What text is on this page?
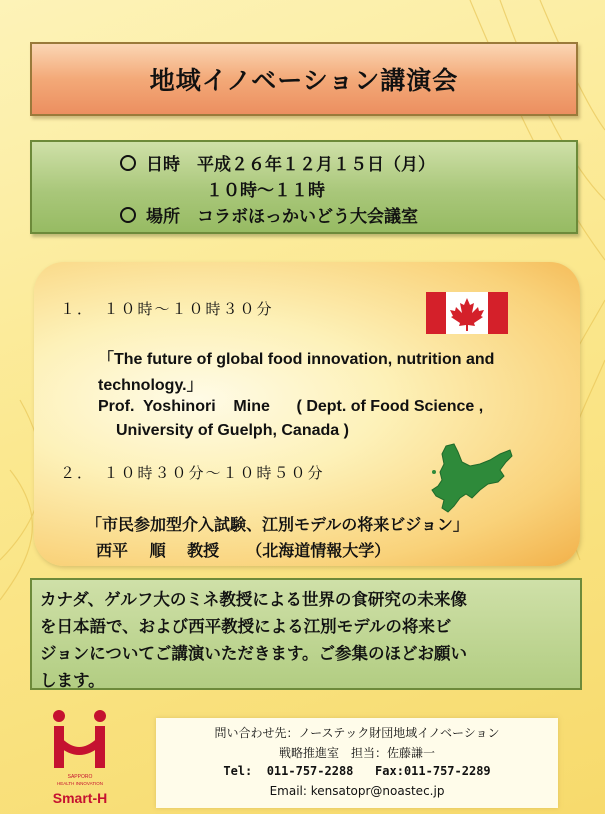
地域イノベーション講演会
日時　 平成２６年１２月１５日（月）
１０時～１１時
場所　 コラボほっかいどう大会議室
１．　 １０時～１０時３０分
「The future of global food innovation, nutrition and
technology.」
Prof.  Yoshinori    Mine      ( Dept. of Food Science ,
University of Guelph, Canada )
２．　 １０時３０分～１０時５０分
「市民参加型介入試験、江別モデルの将来ビジョン」
西平　 順　 教授　  （北海道情報大学）
カナダ、ゲルフ大のミネ教授による世界の食研究の未来像
を日本語で、および西平教授による江別モデルの将来ビ
ジョンについてご講演いただきます。ご参集のほどお願い
します。
SAPPORO
HEALTH INNOVATION
Smart-H
問い合わせ先：ノーステック財団地域イノベーション
戦略推進室　担当：佐藤謙一
Tel:  011-757-2288   Fax:011-757-2289
Email: kensatopr@noastec.jp
